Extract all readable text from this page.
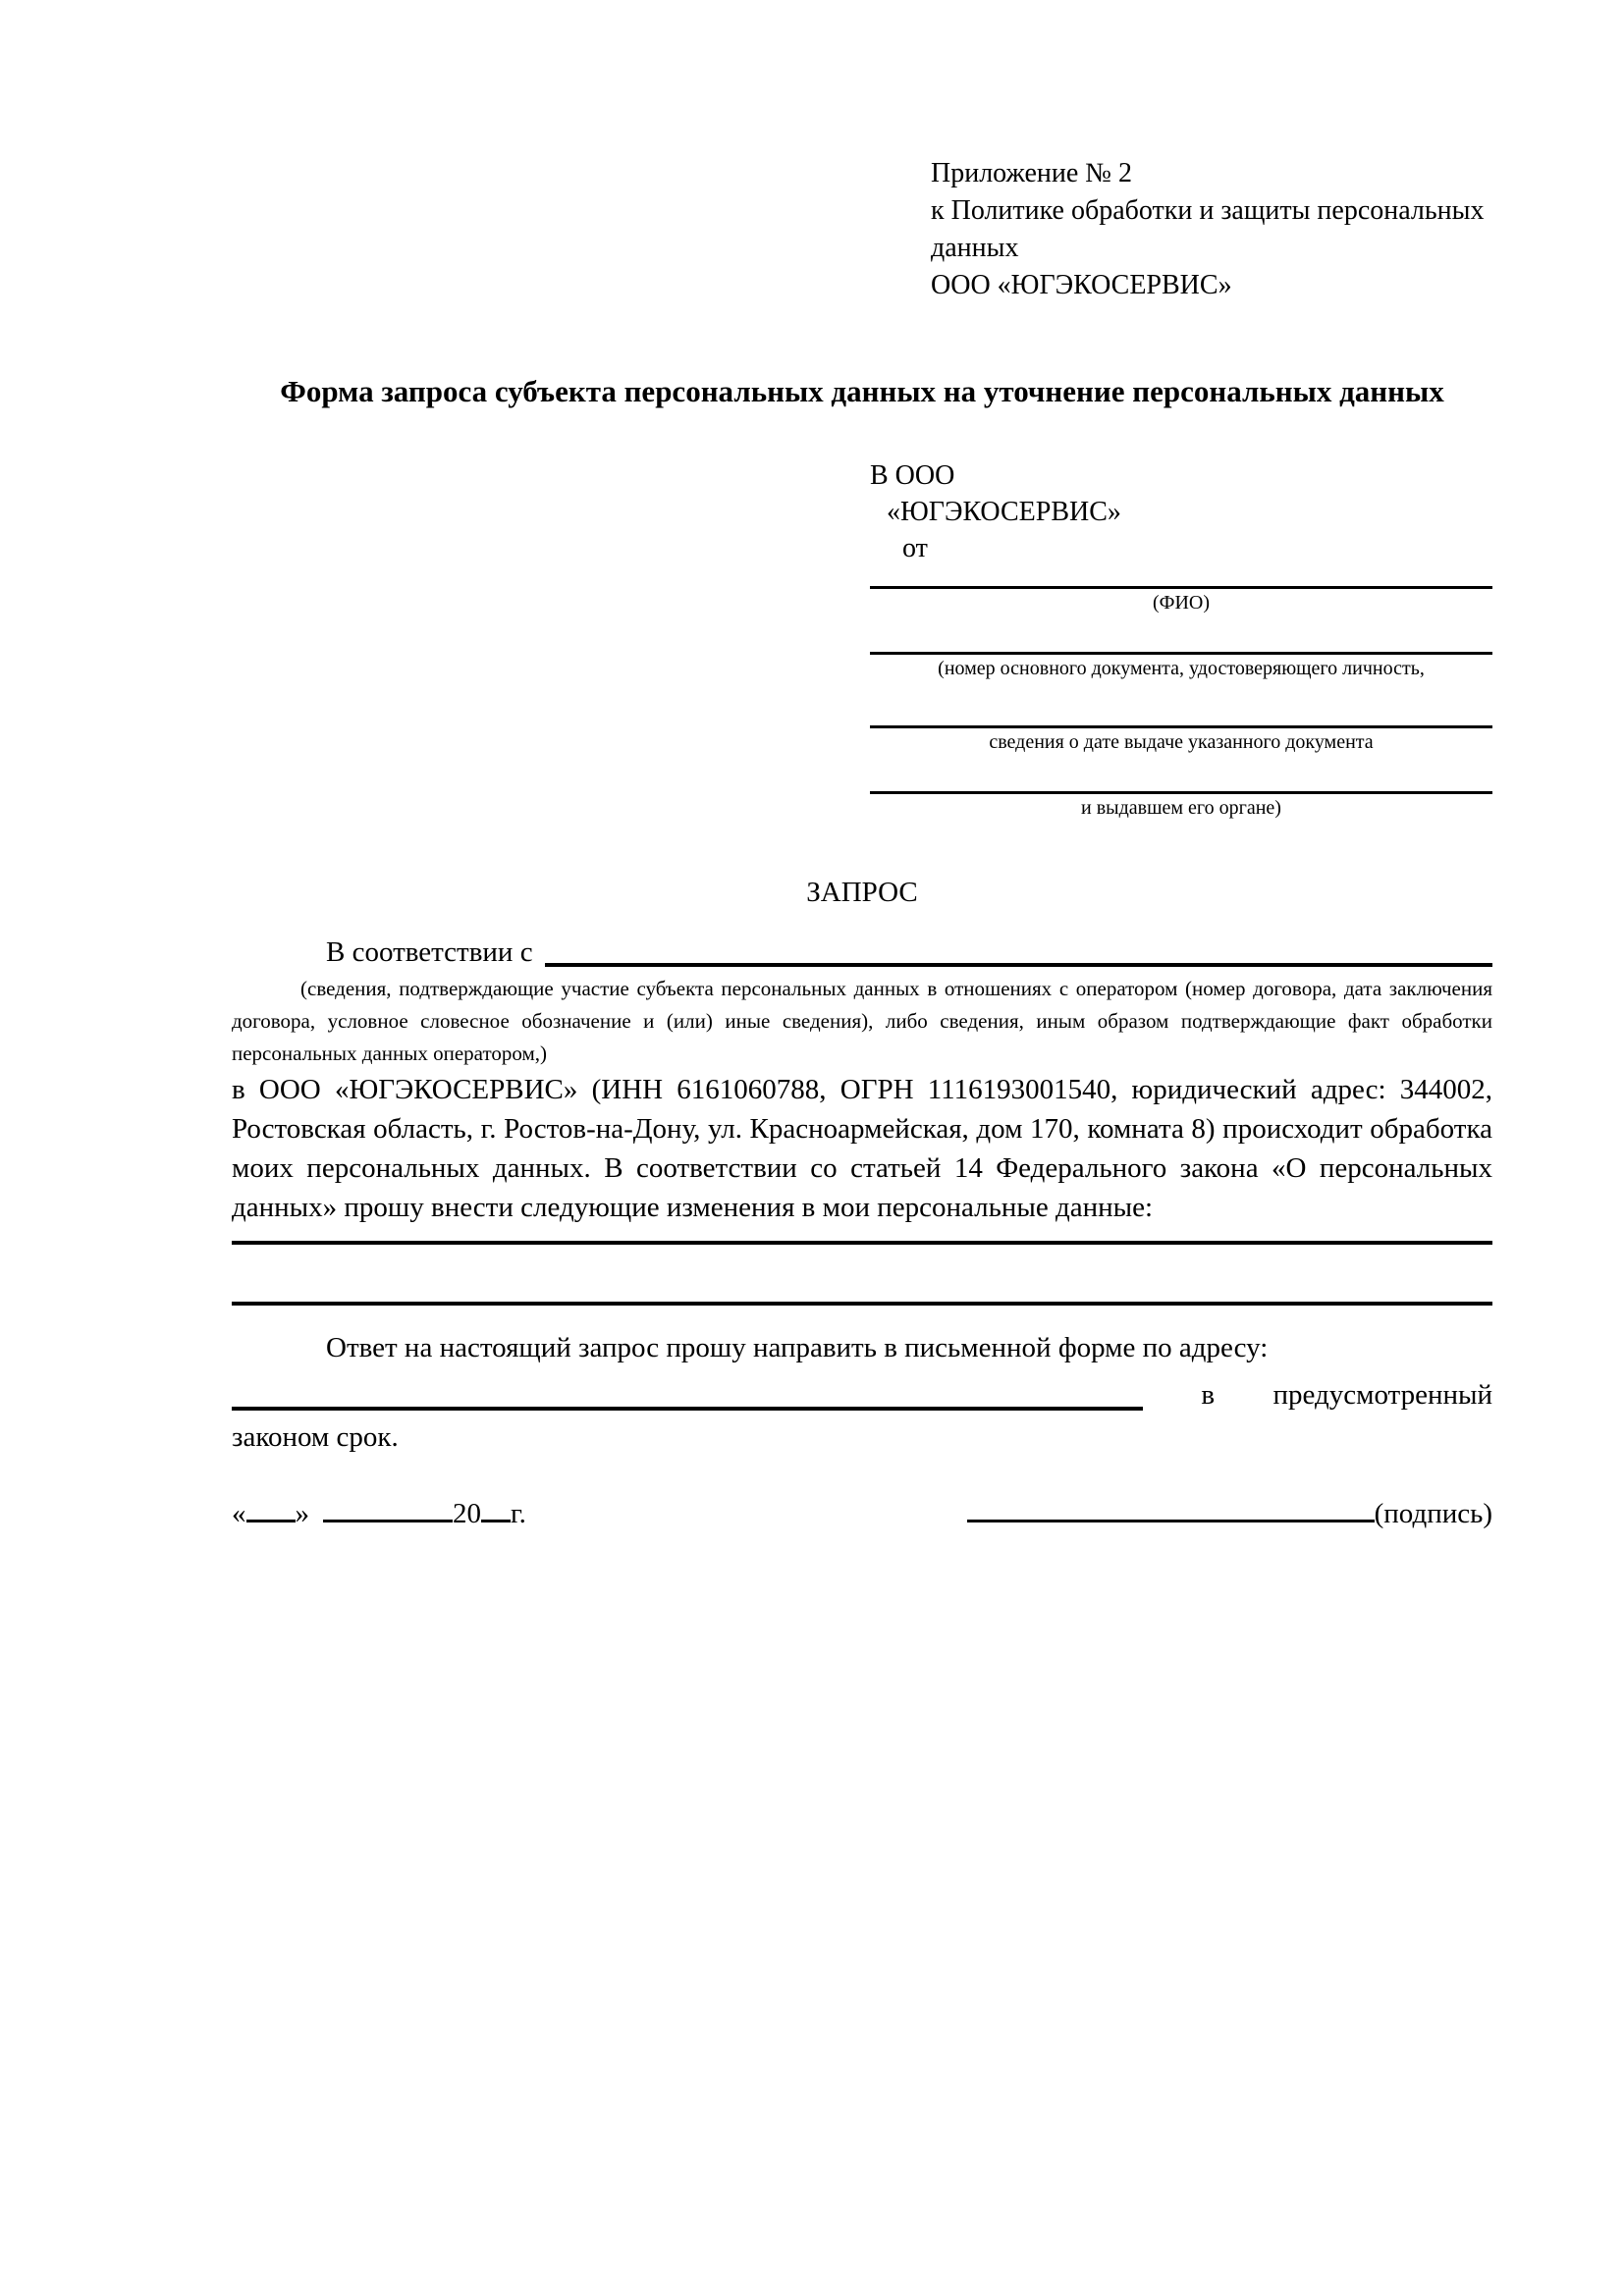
Приложение № 2
к Политике обработки и защиты персональных данных
ООО «ЮГЭКОСЕРВИС»
Форма запроса субъекта персональных данных на уточнение персональных данных
В ООО
«ЮГЭКОСЕРВИС»
от
(ФИО)
(номер основного документа, удостоверяющего личность,
сведения о дате выдаче указанного документа
и выдавшем его органе)
ЗАПРОС
В соответствии с
(сведения, подтверждающие участие субъекта персональных данных в отношениях с оператором (номер договора, дата заключения договора, условное словесное обозначение и (или) иные сведения), либо сведения, иным образом подтверждающие факт обработки персональных данных оператором,)
в ООО «ЮГЭКОСЕРВИС» (ИНН 6161060788, ОГРН 1116193001540, юридический адрес: 344002, Ростовская область, г. Ростов-на-Дону, ул. Красноармейская, дом 170, комната 8) происходит обработка моих персональных данных. В соответствии со статьей 14 Федерального закона «О персональных данных» прошу внести следующие изменения в мои персональные данные:
Ответ на настоящий запрос прошу направить в письменной форме по адресу:
в предусмотренный
законом срок.
« »	20 г.	(подпись)
